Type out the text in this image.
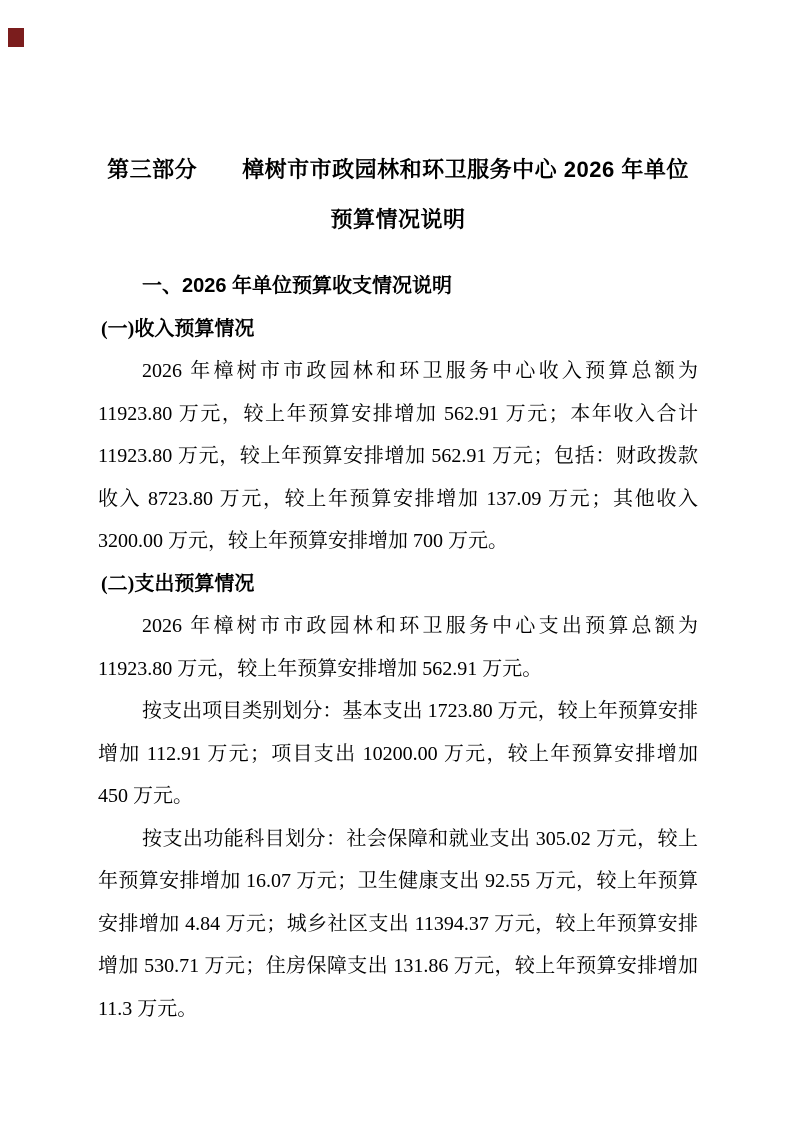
第三部分　　樟树市市政园林和环卫服务中心 2026 年单位预算情况说明
一、2026 年单位预算收支情况说明
(一)收入预算情况

2026 年樟树市市政园林和环卫服务中心收入预算总额为 11923.80 万元，较上年预算安排增加 562.91 万元；本年收入合计 11923.80 万元，较上年预算安排增加 562.91 万元；包括：财政拨款收入 8723.80 万元，较上年预算安排增加 137.09 万元；其他收入 3200.00 万元，较上年预算安排增加 700 万元。

(二)支出预算情况

2026 年樟树市市政园林和环卫服务中心支出预算总额为 11923.80 万元，较上年预算安排增加 562.91 万元。

按支出项目类别划分：基本支出 1723.80 万元，较上年预算安排增加 112.91 万元；项目支出 10200.00 万元，较上年预算安排增加 450 万元。

按支出功能科目划分：社会保障和就业支出 305.02 万元，较上年预算安排增加 16.07 万元；卫生健康支出 92.55 万元，较上年预算安排增加 4.84 万元；城乡社区支出 11394.37 万元，较上年预算安排增加 530.71 万元；住房保障支出 131.86 万元，较上年预算安排增加 11.3 万元。
